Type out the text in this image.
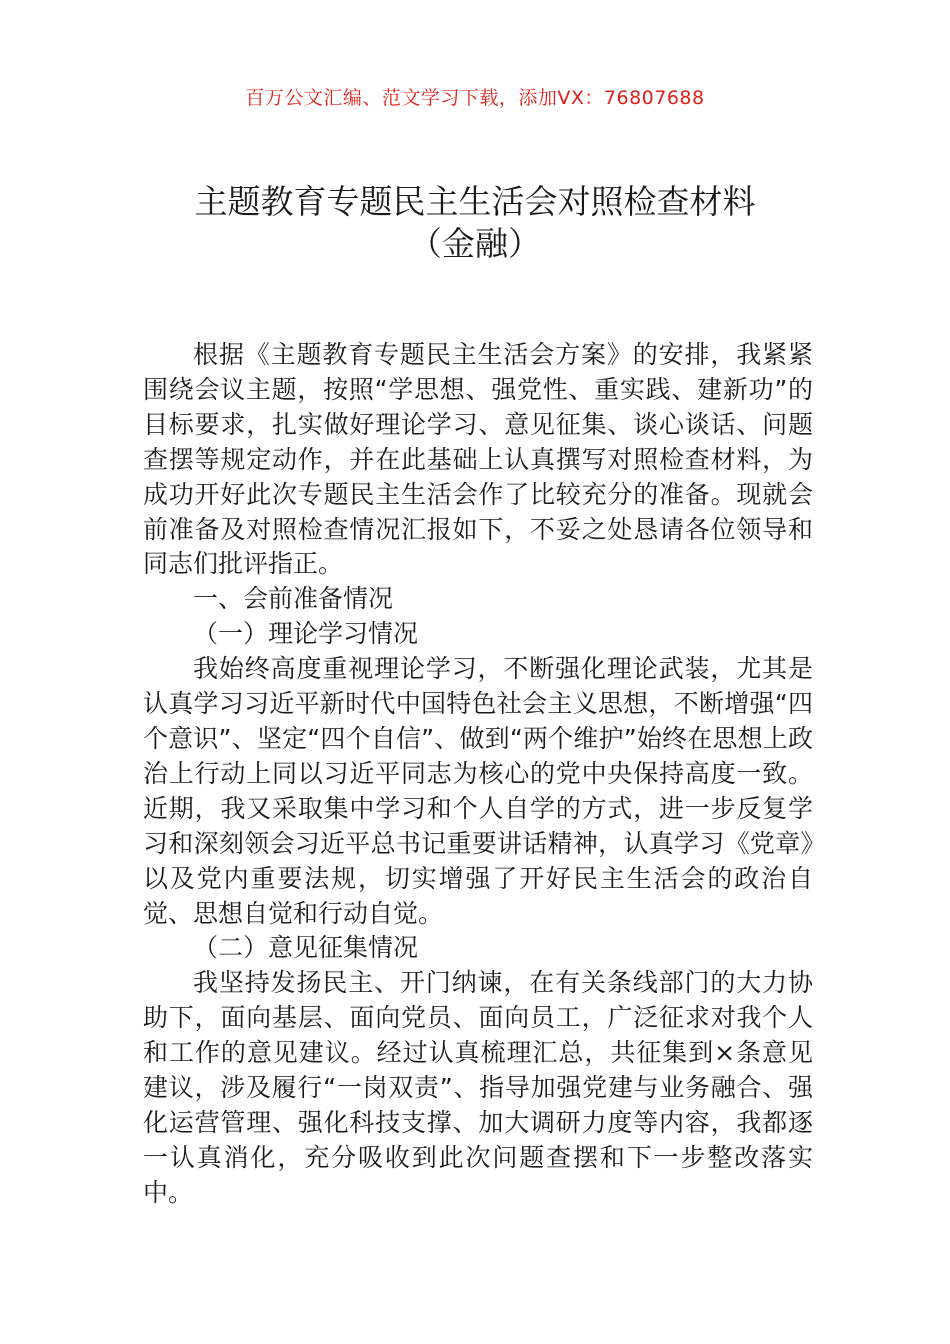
百万公文汇编、范文学习下载，添加VX：76807688
主题教育专题民主生活会对照检查材料
（金融）

根据《主题教育专题民主生活会方案》的安排，我紧紧围绕会议主题，按照“学思想、强党性、重实践、建新功”的目标要求，扎实做好理论学习、意见征集、谈心谈话、问题查摆等规定动作，并在此基础上认真撰写对照检查材料，为成功开好此次专题民主生活会作了比较充分的准备。现就会前准备及对照检查情况汇报如下，不妥之处恳请各位领导和同志们批评指正。

一、会前准备情况

（一）理论学习情况

我始终高度重视理论学习，不断强化理论武装，尤其是认真学习习近平新时代中国特色社会主义思想，不断增强“四个意识”、坚定“四个自信”、做到“两个维护”始终在思想上政治上行动上同以习近平同志为核心的党中央保持高度一致。近期，我又采取集中学习和个人自学的方式，进一步反复学习和深刻领会习近平总书记重要讲话精神，认真学习《党章》以及党内重要法规，切实增强了开好民主生活会的政治自觉、思想自觉和行动自觉。

（二）意见征集情况

我坚持发扬民主、开门纳谏，在有关条线部门的大力协助下，面向基层、面向党员、面向员工，广泛征求对我个人和工作的意见建议。经过认真梳理汇总，共征集到×条意见建议，涉及履行“一岗双责”、指导加强党建与业务融合、强化运营管理、强化科技支撑、加大调研力度等内容，我都逐一认真消化，充分吸收到此次问题查摆和下一步整改落实中。
